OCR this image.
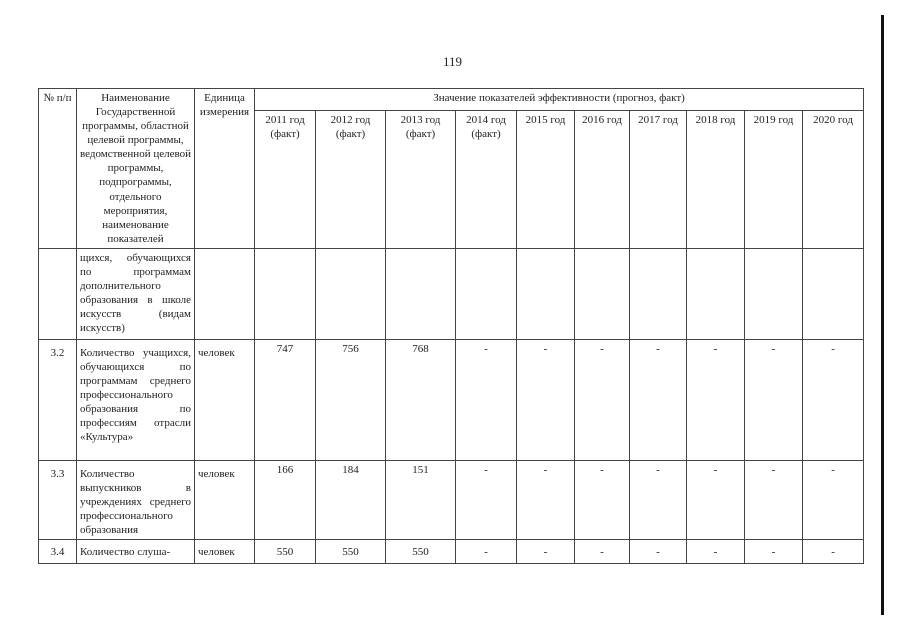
119
№ п/п	Наименование Государственной программы, областной целевой программы, ведомственной целевой программы, подпрограммы, отдельного мероприятия, наименование показателей	Единица измерения	Значение показателей эффективности (прогноз, факт)									
			2011 год (факт)	2012 год (факт)	2013 год (факт)	2014 год (факт)	2015 год	2016 год	2017 год	2018 год	2019 год	2020 год
	щихся, обучающихся по программам дополнительного образования в школе искусств (видам искусств)											
3.2	Количество учащихся, обучающихся по программам среднего профессионального образования по профессиям отрасли «Культура»	человек	747	756	768	-	-	-	-	-	-	-
3.3	Количество выпускников в учреждениях среднего профессионального образования	человек	166	184	151	-	-	-	-	-	-	-
3.4	Количество слуша-	человек	550	550	550	-	-	-	-	-	-	-
